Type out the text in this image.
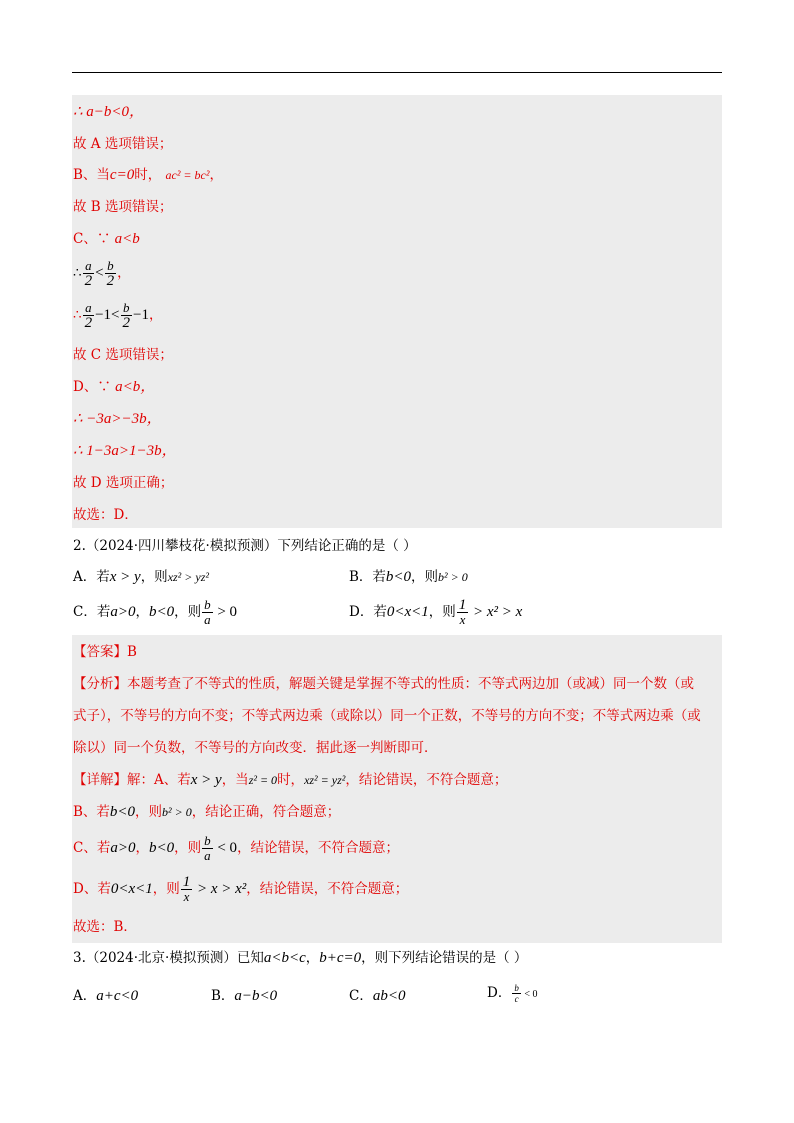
∴ a−b<0，
故 A 选项错误；
B、当c=0时， ac² = bc²，
故 B 选项错误；
C、∵ a<b
∴ $\frac{a}{2} < \frac{b}{2}$ ，
∴ $\frac{a}{2} -1< \frac{b}{2} -1$，
故 C 选项错误；
D、∵ a<b，
∴ −3a>−3b，
∴ 1−3a>1−3b，
故 D 选项正确；
故选：D．
2.（2024·四川攀枝花·模拟预测）下列结论正确的是（ ）
A．若x > y，则xz² > yz²	B．若b<0，则b² > 0
C．若a>0，b<0，则 $\frac{b}{a} > 0$	D．若0<x<1，则 $\frac{1}{x} > x^2 > x$
【答案】B
【分析】本题考查了不等式的性质，解题关键是掌握不等式的性质：不等式两边加（或减）同一个数（或
式子），不等号的方向不变；不等式两边乘（或除以）同一个正数，不等号的方向不变；不等式两边乘（或
除以）同一个负数，不等号的方向改变．据此逐一判断即可．
【详解】解：A、若x > y，当z² = 0时，xz² = yz²，结论错误，不符合题意；
B、若b<0，则b² > 0，结论正确，符合题意；
C、若a>0，b<0，则 $\frac{b}{a} < 0$，结论错误，不符合题意；
D、若0<x<1，则 $\frac{1}{x} > x > x^2$，结论错误，不符合题意；
故选：B．
3.（2024·北京·模拟预测）已知a<b<c，b+c=0，则下列结论错误的是（ ）
A．a+c<0	B．a−b<0	C．ab<0	D． $\frac{b}{c} < 0$
